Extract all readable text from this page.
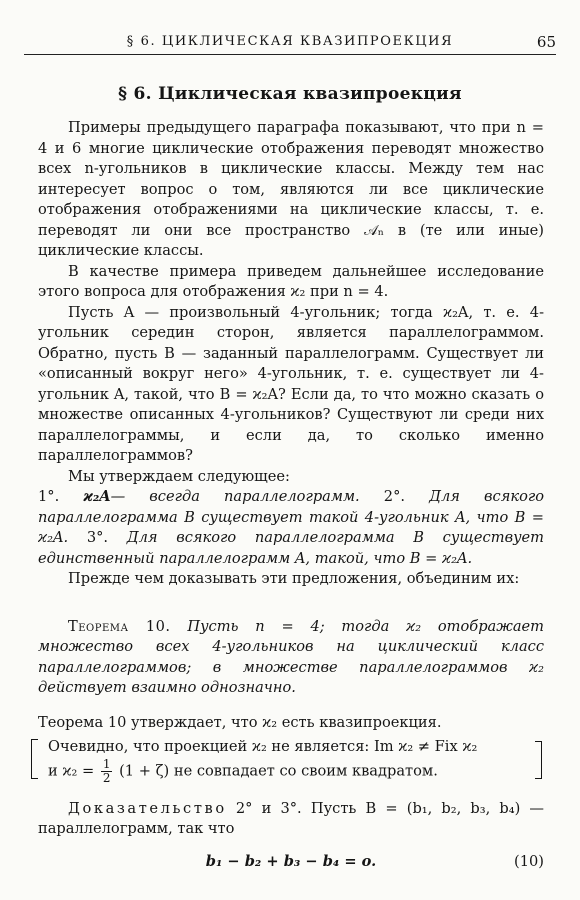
§ 6. ЦИКЛИЧЕСКАЯ КВАЗИПРОЕКЦИЯ	65
§ 6. Циклическая квазипроекция

Примеры предыдущего параграфа показывают, что при n = 4 и 6 многие циклические отображения переводят множество всех n-угольников в циклические классы. Между тем нас интересует вопрос о том, являются ли все циклические отображения отображениями на циклические классы, т. е. переводят ли они все пространство 𝒜ₙ в (те или иные) циклические классы.

В качестве примера приведем дальнейшее исследование этого вопроса для отображения ϰ₂ при n = 4.

Пусть A — произвольный 4-угольник; тогда ϰ₂A, т. е. 4-угольник середин сторон, является параллелограммом. Обратно, пусть B — заданный параллелограмм. Существует ли «описанный вокруг него» 4-угольник, т. е. существует ли 4-угольник A, такой, что B = ϰ₂A? Если да, то что можно сказать о множестве описанных 4-угольников? Существуют ли среди них параллелограммы, и если да, то сколько именно параллелограммов?

Мы утверждаем следующее:

1°. ϰ₂A— всегда параллелограмм. 2°. Для всякого параллелограмма B существует такой 4-угольник A, что B = ϰ₂A. 3°. Для всякого параллелограмма B существует единственный параллелограмм A, такой, что B = ϰ₂A.

Прежде чем доказывать эти предложения, объединим их:

Теорема 10. Пусть n = 4; тогда ϰ₂ отображает множество всех 4-угольников на циклический класс параллелограммов; в множестве параллелограммов ϰ₂ действует взаимно однозначно.

Теорема 10 утверждает, что ϰ₂ есть квазипроекция.

Очевидно, что проекцией ϰ₂ не является: Im ϰ₂ ≠ Fix ϰ₂
и $ϰ_2 = \frac{1}{2} (1 + \zeta)$ не совпадает со своим квадратом.

Доказательство 2° и 3°. Пусть B = (b₁, b₂, b₃, b₄) — параллелограмм, так что

b₁ − b₂ + b₃ − b₄ = o.	(10)
